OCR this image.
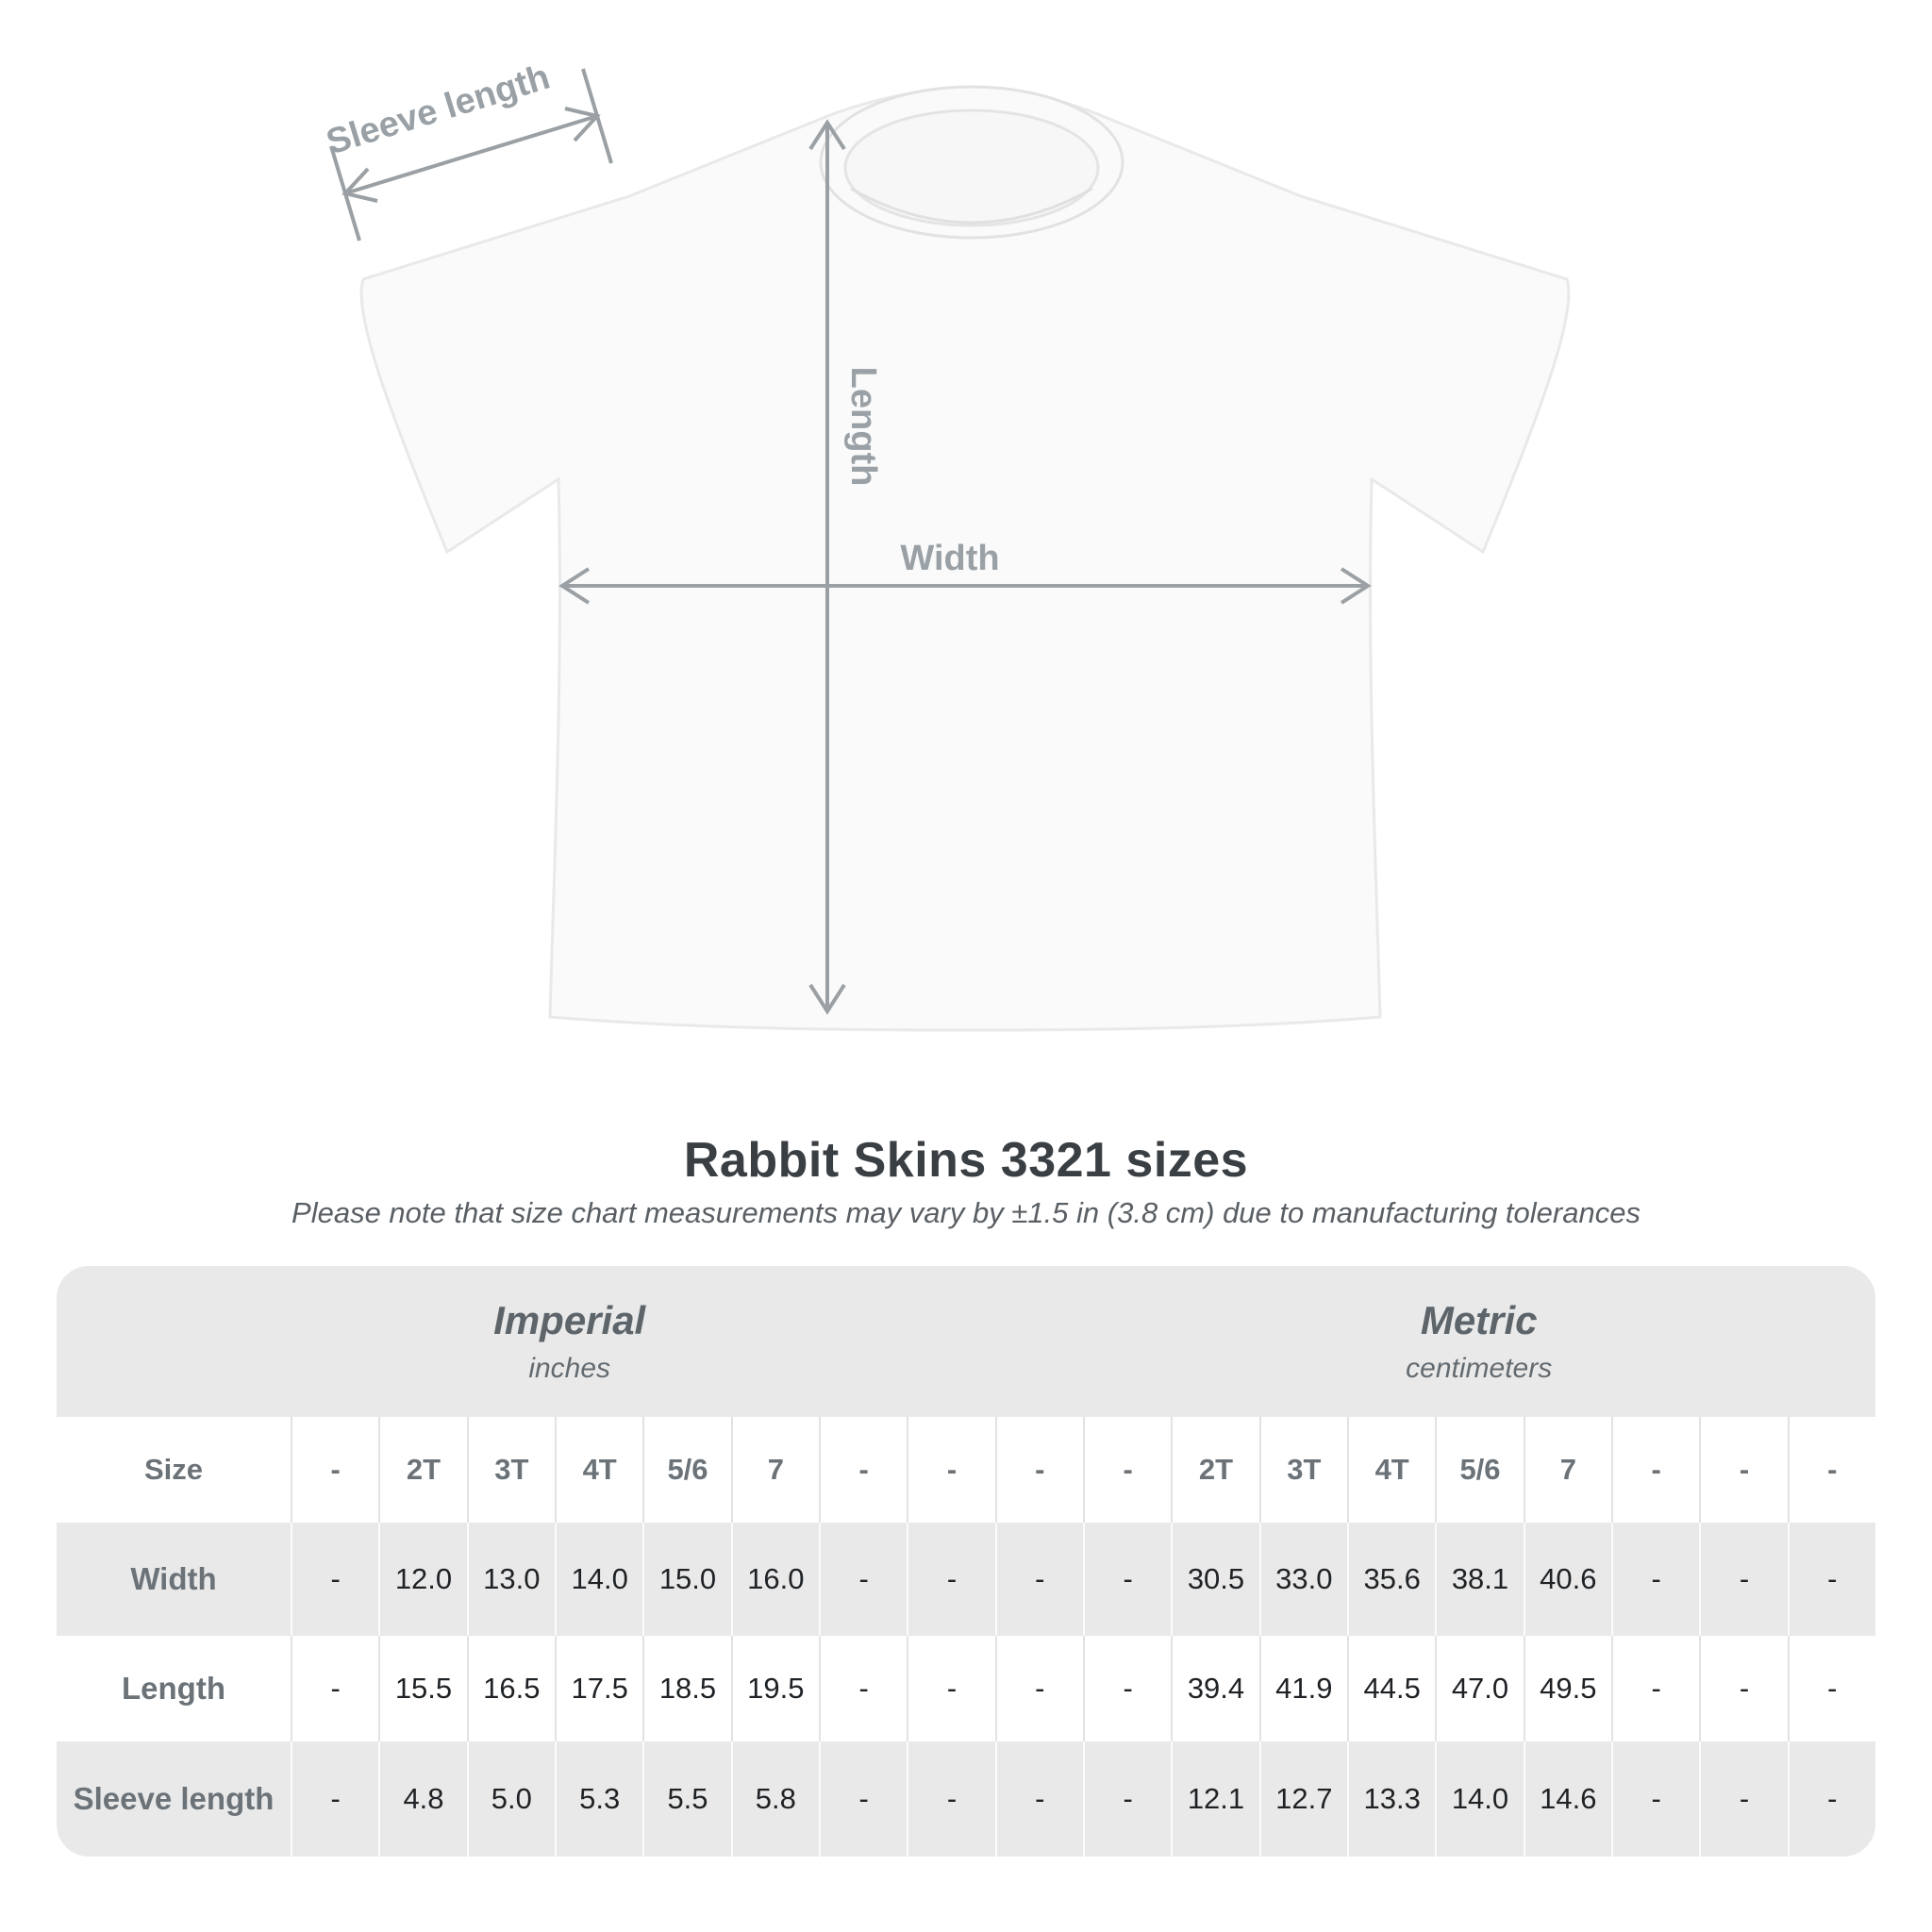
Sleeve length
Length
Width
Rabbit Skins 3321 sizes
Please note that size chart measurements may vary by ±1.5 in (3.8 cm) due to manufacturing tolerances
Imperial
inches
Metric
centimeters
Size	-	2T	3T	4T	5/6	7	-	-	-	-	2T	3T	4T	5/6	7	-	-	-
Width	-	12.0	13.0	14.0	15.0	16.0	-	-	-	-	30.5	33.0	35.6	38.1	40.6	-	-	-
Length	-	15.5	16.5	17.5	18.5	19.5	-	-	-	-	39.4	41.9	44.5	47.0	49.5	-	-	-
Sleeve length	-	4.8	5.0	5.3	5.5	5.8	-	-	-	-	12.1	12.7	13.3	14.0	14.6	-	-	-
